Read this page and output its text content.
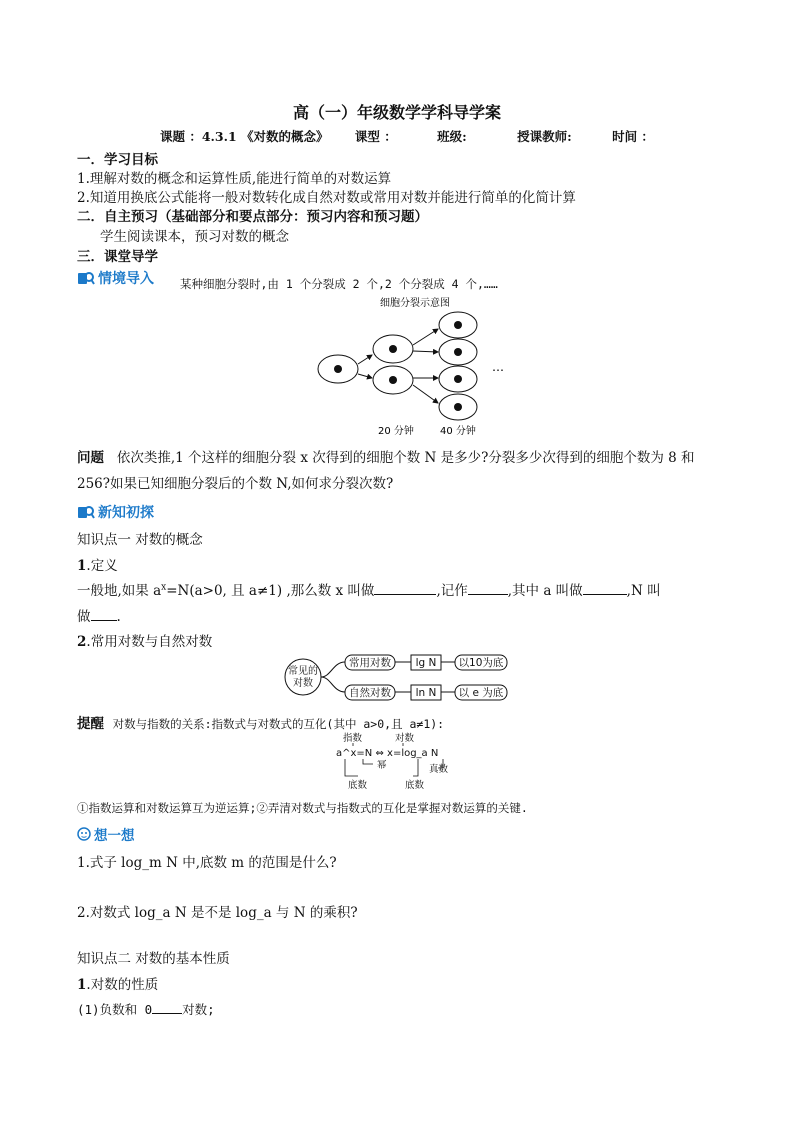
高（一）年级数学学科导学案
课题 ：4.3.1 《对数的概念》 课型 ：	班级:	授课教师:	时间 ：
一．学习目标
1.理解对数的概念和运算性质,能进行简单的对数运算
2.知道用换底公式能将一般对数转化成自然对数或常用对数并能进行简单的化简计算
二．自主预习（基础部分和要点部分：预习内容和预习题）
学生阅读课本，预习对数的概念
三．课堂导学
情境导入 某种细胞分裂时,由 1 个分裂成 2 个,2 个分裂成 4 个,……
细胞分裂示意图
…
20 分钟	40 分钟
问题 依次类推,1 个这样的细胞分裂 x 次得到的细胞个数 N 是多少?分裂多少次得到的细胞个数为 8 和
256?如果已知细胞分裂后的个数 N,如何求分裂次数?
新知初探
知识点一 对数的概念
1.定义
一般地,如果 $a^x=N(a>0$, 且 a≠1) ,那么数 x 叫做	,记作	,其中 a 叫做	,N 叫
做 .
2.常用对数与自然对数
常见的
对数
常用对数 lg N 以10为底
自然对数 ln N 以 e 为底
提醒 对数与指数的关系:指数式与对数式的互化(其中 a>0,且 a≠1):
指数	对数
a^x=N ⇔ x=log_a N
幂
底数	底数
真数
①指数运算和对数运算互为逆运算;②弄清对数式与指数式的互化是掌握对数运算的关键.
想一想
1.式子 log_m N 中,底数 m 的范围是什么?
2.对数式 log_a N 是不是 log_a 与 N 的乘积?
知识点二 对数的基本性质
1.对数的性质
(1)负数和 0 对数;
